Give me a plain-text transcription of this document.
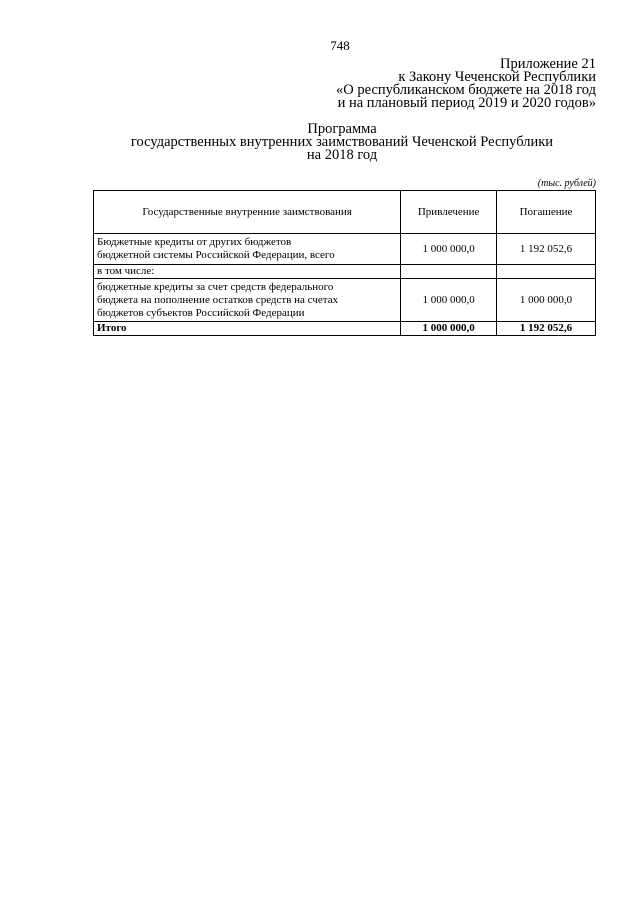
748
Приложение 21
к Закону Чеченской Республики
«О республиканском бюджете на 2018 год
и на плановый период 2019 и 2020 годов»
Программа
государственных внутренних заимствований Чеченской Республики
на 2018 год
(тыс. рублей)
Государственные внутренние заимствования	Привлечение	Погашение

Бюджетные кредиты от других бюджетов
бюджетной системы Российской Федерации, всего	1 000 000,0	1 192 052,6
в том числе:		

бюджетные кредиты за счет средств федерального
бюджета на пополнение остатков средств на счетах
бюджетов субъектов Российской Федерации	1 000 000,0	1 000 000,0
Итого	1 000 000,0	1 192 052,6
